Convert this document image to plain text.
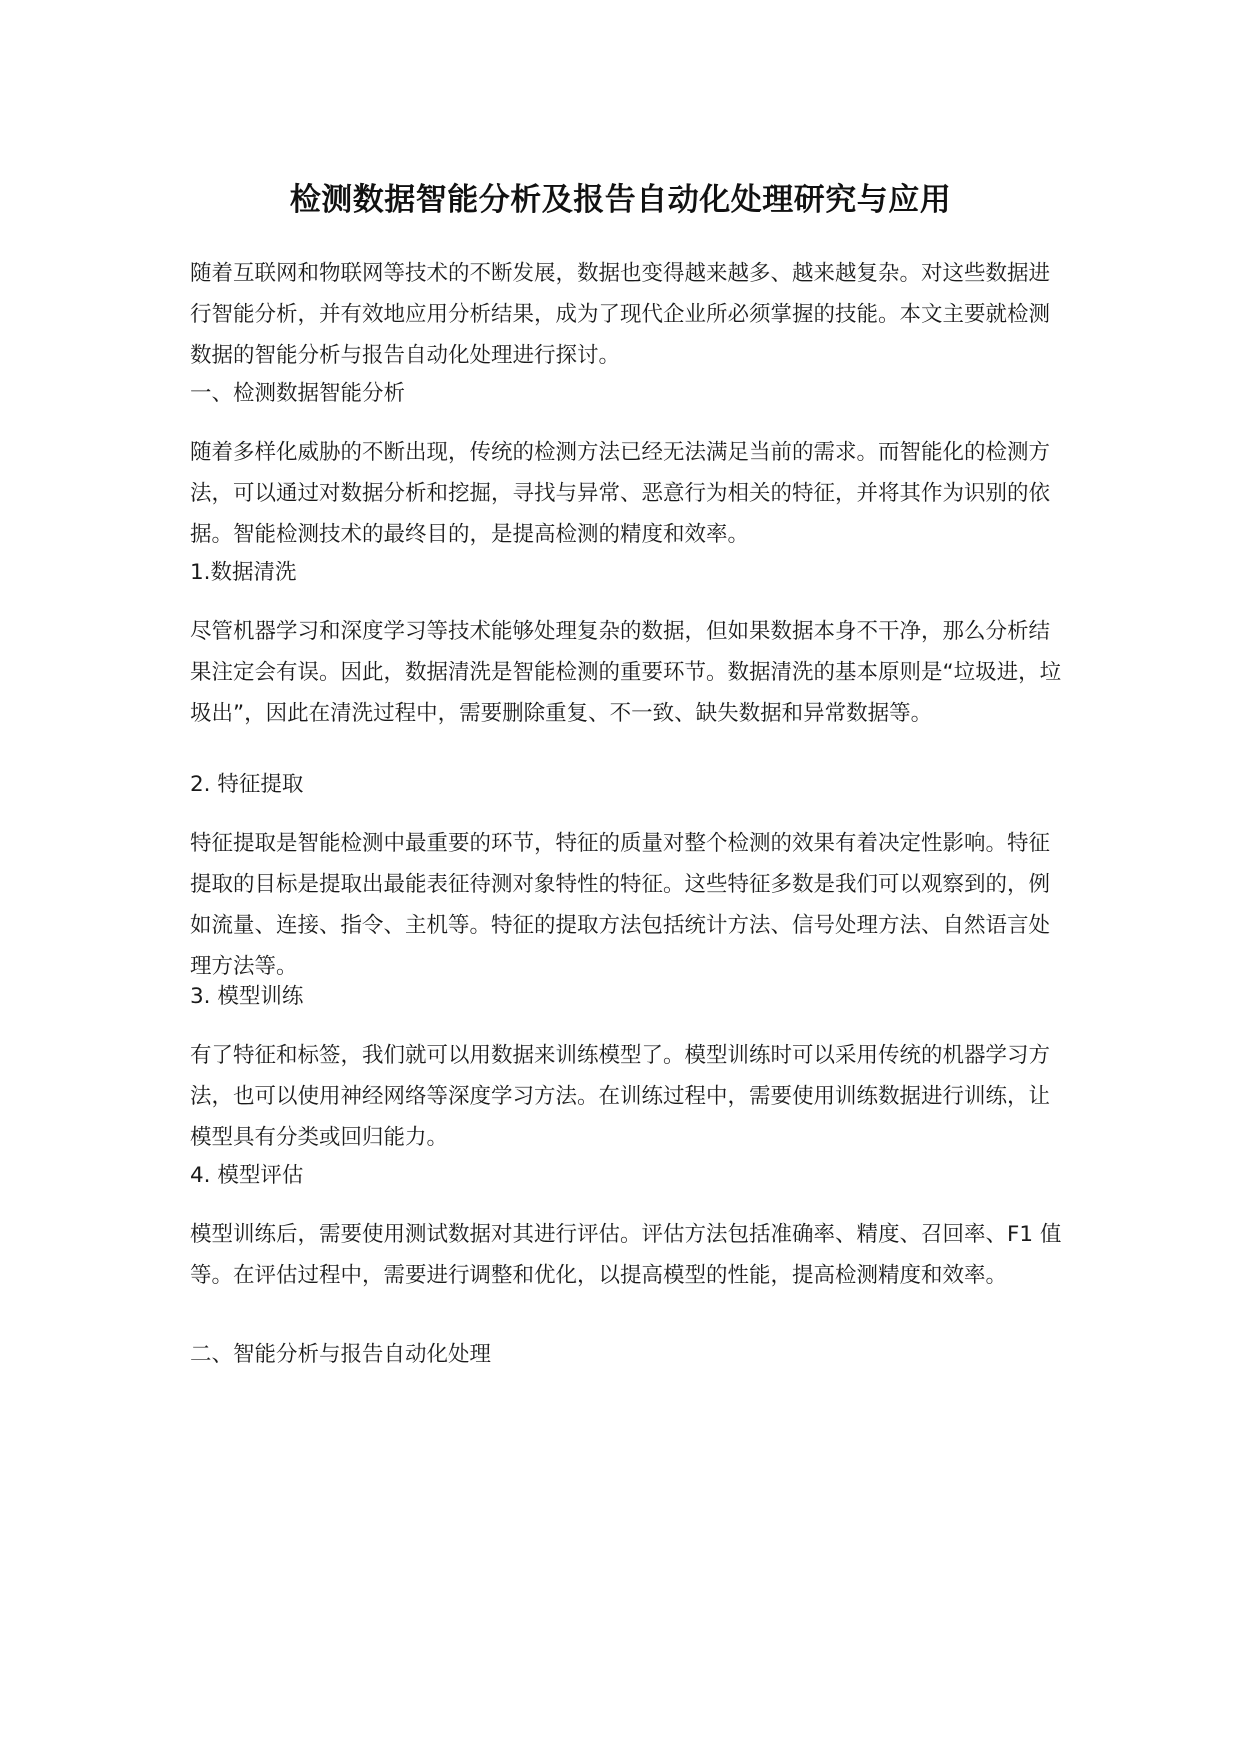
检测数据智能分析及报告自动化处理研究与应用

随着互联网和物联网等技术的不断发展，数据也变得越来越多、越来越复杂。对这些数据进行智能分析，并有效地应用分析结果，成为了现代企业所必须掌握的技能。本文主要就检测数据的智能分析与报告自动化处理进行探讨。

一、检测数据智能分析

随着多样化威胁的不断出现，传统的检测方法已经无法满足当前的需求。而智能化的检测方法，可以通过对数据分析和挖掘，寻找与异常、恶意行为相关的特征，并将其作为识别的依据。智能检测技术的最终目的，是提高检测的精度和效率。

1.数据清洗

尽管机器学习和深度学习等技术能够处理复杂的数据，但如果数据本身不干净，那么分析结果注定会有误。因此，数据清洗是智能检测的重要环节。数据清洗的基本原则是“垃圾进，垃圾出”，因此在清洗过程中，需要删除重复、不一致、缺失数据和异常数据等。

2. 特征提取

特征提取是智能检测中最重要的环节，特征的质量对整个检测的效果有着决定性影响。特征提取的目标是提取出最能表征待测对象特性的特征。这些特征多数是我们可以观察到的，例如流量、连接、指令、主机等。特征的提取方法包括统计方法、信号处理方法、自然语言处理方法等。

3. 模型训练

有了特征和标签，我们就可以用数据来训练模型了。模型训练时可以采用传统的机器学习方法，也可以使用神经网络等深度学习方法。在训练过程中，需要使用训练数据进行训练，让模型具有分类或回归能力。

4. 模型评估

模型训练后，需要使用测试数据对其进行评估。评估方法包括准确率、精度、召回率、F1 值等。在评估过程中，需要进行调整和优化，以提高模型的性能，提高检测精度和效率。

二、智能分析与报告自动化处理
